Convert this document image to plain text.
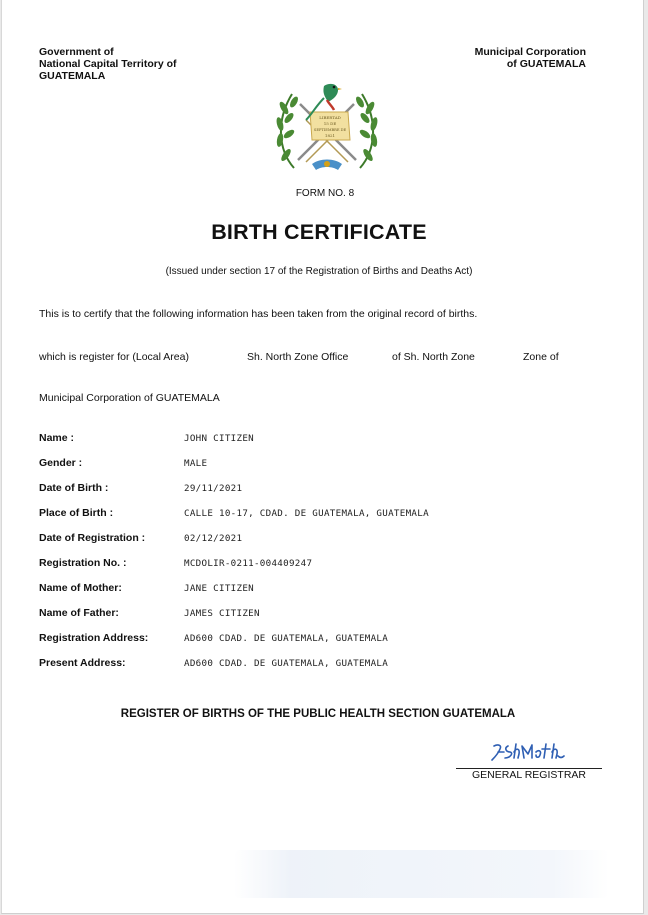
Government of
National Capital Territory of
GUATEMALA
Municipal Corporation
of GUATEMALA
LIBERTAD
15 DE
SEPTIEMBRE DE
1821
FORM NO. 8
BIRTH CERTIFICATE
(Issued under section 17 of the Registration of Births and Deaths Act)
This is to certify that the following information has been taken from the original record of births.
which is register for (Local Area)	Sh. North Zone Office	of Sh. North Zone	Zone of
Municipal Corporation of GUATEMALA
Name :	JOHN CITIZEN
Gender :	MALE
Date of Birth :	29/11/2021
Place of Birth :	CALLE 10-17, CDAD. DE GUATEMALA, GUATEMALA
Date of Registration :	02/12/2021
Registration No. :	MCDOLIR-0211-004409247
Name of Mother:	JANE CITIZEN
Name of Father:	JAMES CITIZEN
Registration Address:	AD600 CDAD. DE GUATEMALA, GUATEMALA
Present Address:	AD600 CDAD. DE GUATEMALA, GUATEMALA
REGISTER OF BIRTHS OF THE PUBLIC HEALTH SECTION GUATEMALA
GENERAL REGISTRAR
